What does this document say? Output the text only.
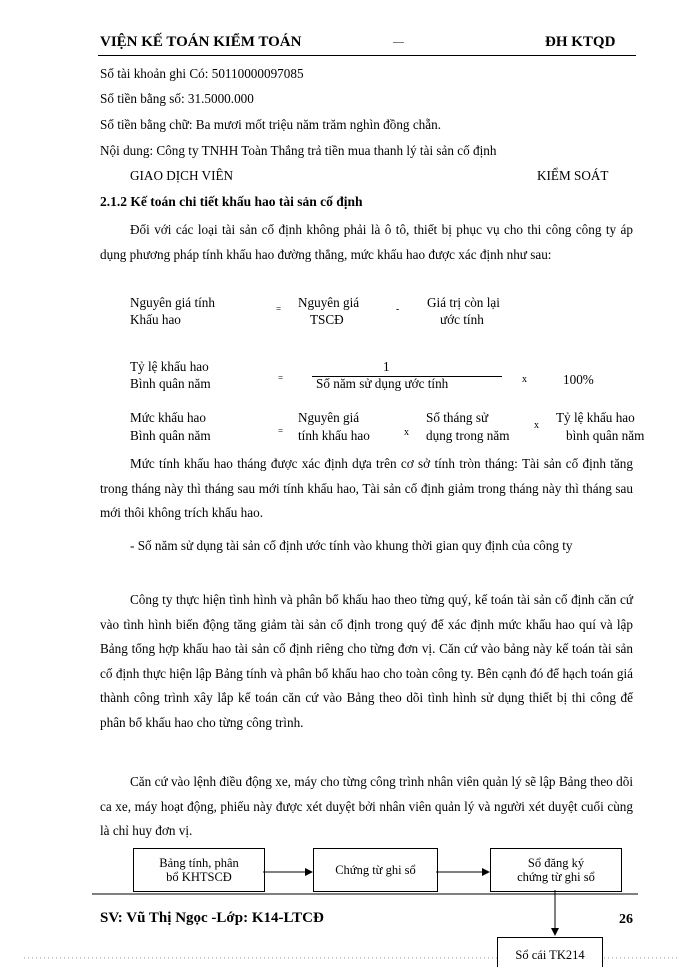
VIỆN KẾ TOÁN KIỂM TOÁN	—	ĐH KTQD
Số tài khoản ghi Có: 50110000097085
Số tiền bằng số: 31.5000.000
Số tiền bằng chữ: Ba mươi mốt triệu năm trăm nghìn đồng chẵn.
Nội dung: Công ty TNHH Toàn Thắng trả tiền mua thanh lý tài sản cố định
GIAO DỊCH VIÊN	KIỂM SOÁT
2.1.2 Kế toán chi tiết khấu hao tài sản cố định
Đối với các loại tài sản cố định không phải là ô tô, thiết bị phục vụ cho thi công công ty áp dụng phương pháp tính khấu hao đường thẳng, mức khấu hao được xác định như sau:
Nguyên giá tính
Khấu hao
= Nguyên giá
TSCĐ
- Giá trị còn lại
ước tính
Tỷ lệ khấu hao
Bình quân năm	=
1
Số năm sử dụng ước tính	x	100%
Mức khấu hao
Bình quân năm	=
Nguyên giá
tính khấu hao	x
Số tháng sử
dụng trong năm
x
Tỷ lệ khấu hao
bình quân năm
Mức tính khấu hao tháng được xác định dựa trên cơ sở tính tròn tháng: Tài sản cố định tăng trong tháng này thì tháng sau mới tính khấu hao, Tài sản cố định giảm trong tháng này thì tháng sau mới thôi không trích khấu hao.
- Số năm sử dụng tài sản cố định ước tính vào khung thời gian quy định của công ty
Công ty thực hiện tình hình và phân bổ khấu hao theo từng quý, kế toán tài sản cố định căn cứ vào tình hình biến động tăng giảm tài sản cố định trong quý để xác định mức khấu hao quí và lập Bảng tổng hợp khấu hao tài sản cố định riêng cho từng đơn vị. Căn cứ vào bảng này kế toán tài sản cố định thực hiện lập Bảng tính và phân bổ khấu hao cho toàn công ty. Bên cạnh đó để hạch toán giá thành công trình xây lắp kế toán căn cứ vào Bảng theo dõi tình hình sử dụng thiết bị thi công để phân bổ khấu hao cho từng công trình.
Căn cứ vào lệnh điều động xe, máy cho từng công trình nhân viên quản lý sẽ lập Bảng theo dõi ca xe, máy hoạt động, phiếu này được xét duyệt bởi nhân viên quản lý và người xét duyệt cuối cùng là chỉ huy đơn vị.
Bảng tính, phân
bổ KHTSCĐ	Chứng từ ghi sổ	Sổ đăng ký
chứng từ ghi sổ
Sổ cái TK214
SV: Vũ Thị Ngọc -Lớp: K14-LTCĐ	26
